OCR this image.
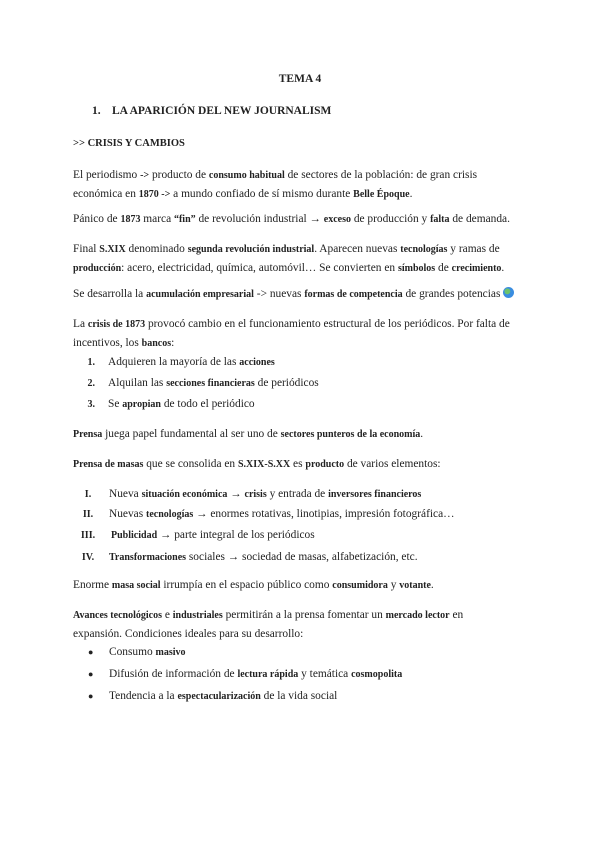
TEMA 4
1. LA APARICIÓN DEL NEW JOURNALISM
>> CRISIS Y CAMBIOS
El periodismo -> producto de consumo habitual de sectores de la población: de gran crisis
económica en 1870 -> a mundo confiado de sí mismo durante Belle Époque.
Pánico de 1873 marca “fin” de revolución industrial → exceso de producción y falta de demanda.
Final S.XIX denominado segunda revolución industrial. Aparecen nuevas tecnologías y ramas de
producción: acero, electricidad, química, automóvil… Se convierten en símbolos de crecimiento.
Se desarrolla la acumulación empresarial -> nuevas formas de competencia de grandes potencias
La crisis de 1873 provocó cambio en el funcionamiento estructural de los periódicos. Por falta de
incentivos, los bancos:
1. Adquieren la mayoría de las acciones
2. Alquilan las secciones financieras de periódicos
3. Se apropian de todo el periódico
Prensa juega papel fundamental al ser uno de sectores punteros de la economía.
Prensa de masas que se consolida en S.XIX-S.XX es producto de varios elementos:
I.	Nueva situación económica → crisis y entrada de inversores financieros
II.	Nuevas tecnologías → enormes rotativas, linotipias, impresión fotográfica…
III. Publicidad → parte integral de los periódicos
IV.	Transformaciones sociales → sociedad de masas, alfabetización, etc.
Enorme masa social irrumpía en el espacio público como consumidora y votante.
Avances tecnológicos e industriales permitirán a la prensa fomentar un mercado lector en
expansión. Condiciones ideales para su desarrollo:
● Consumo masivo
● Difusión de información de lectura rápida y temática cosmopolita
● Tendencia a la espectacularización de la vida social
